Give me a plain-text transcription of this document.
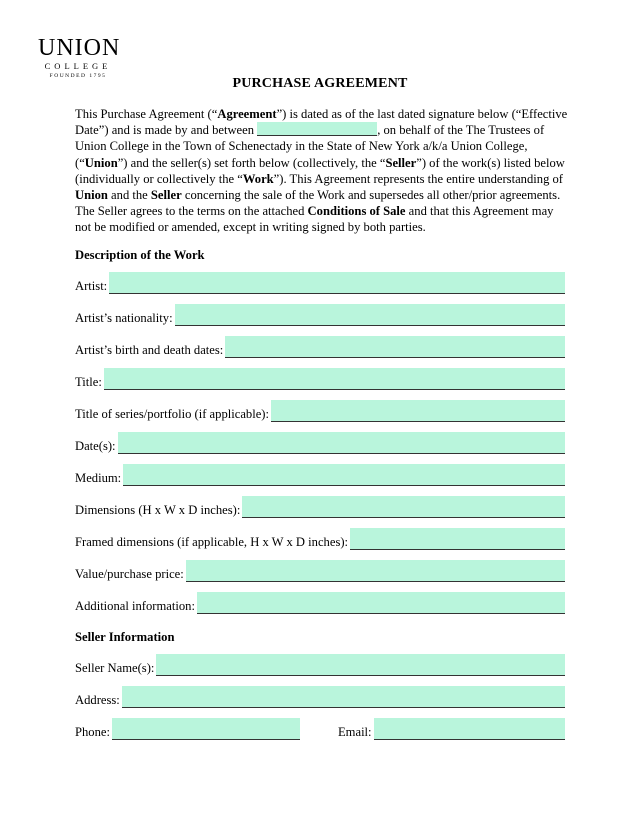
UNION
COLLEGE
FOUNDED 1795	PURCHASE AGREEMENT

This Purchase Agreement (“Agreement”) is dated as of the last dated signature below (“Effective Date”) and is made by and between	, on behalf of the The Trustees of Union College in the Town of Schenectady in the State of New York a/k/a Union College, (“Union”) and the seller(s) set forth below (collectively, the “Seller”) of the work(s) listed below (individually or collectively the “Work”). This Agreement represents the entire understanding of Union and the Seller concerning the sale of the Work and supersedes all other/prior agreements. The Seller agrees to the terms on the attached Conditions of Sale and that this Agreement may not be modified or amended, except in writing signed by both parties.

Description of the Work
Artist:
Artist’s nationality:
Artist’s birth and death dates:
Title:
Title of series/portfolio (if applicable):
Date(s):
Medium:
Dimensions (H x W x D inches):
Framed dimensions (if applicable, H x W x D inches):
Value/purchase price:
Additional information:
Seller Information
Seller Name(s):
Address:
Phone:	Email:
